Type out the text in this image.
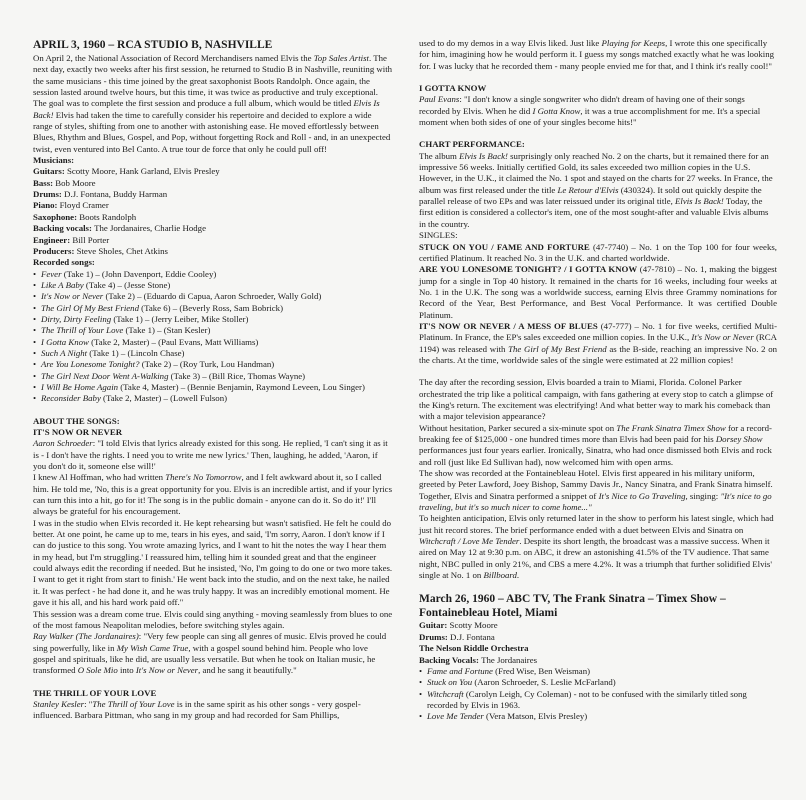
APRIL 3, 1960 – RCA STUDIO B, NASHVILLE

On April 2, the National Association of Record Merchandisers named Elvis the Top Sales Artist. The next day, exactly two weeks after his first session, he returned to Studio B in Nashville, reuniting with the same musicians - this time joined by the great saxophonist Boots Randolph. Once again, the session lasted around twelve hours, but this time, it was twice as productive and truly exceptional.

The goal was to complete the first session and produce a full album, which would be titled Elvis Is Back! Elvis had taken the time to carefully consider his repertoire and decided to explore a wide range of styles, shifting from one to another with astonishing ease. He moved effortlessly between Blues, Rhythm and Blues, Gospel, and Pop, without forgetting Rock and Roll - and, in an unexpected twist, even ventured into Bel Canto. A true tour de force that only he could pull off!

Musicians:

Guitars: Scotty Moore, Hank Garland, Elvis Presley

Bass: Bob Moore

Drums: D.J. Fontana, Buddy Harman

Piano: Floyd Cramer

Saxophone: Boots Randolph

Backing vocals: The Jordanaires, Charlie Hodge

Engineer: Bill Porter

Producers: Steve Sholes, Chet Atkins

Recorded songs:

• Fever (Take 1) – (John Davenport, Eddie Cooley)
• Like A Baby (Take 4) – (Jesse Stone)
• It's Now or Never (Take 2) – (Eduardo di Capua, Aaron Schroeder, Wally Gold)
• The Girl Of My Best Friend (Take 6) – (Beverly Ross, Sam Bobrick)
• Dirty, Dirty Feeling (Take 1) – (Jerry Leiber, Mike Stoller)
• The Thrill of Your Love (Take 1) – (Stan Kesler)
• I Gotta Know (Take 2, Master) – (Paul Evans, Matt Williams)
• Such A Night (Take 1) – (Lincoln Chase)
• Are You Lonesome Tonight? (Take 2) – (Roy Turk, Lou Handman)
• The Girl Next Door Went A-Walking (Take 3) – (Bill Rice, Thomas Wayne)
• I Will Be Home Again (Take 4, Master) – (Bennie Benjamin, Raymond Leveen, Lou Singer)
• Reconsider Baby (Take 2, Master) – (Lowell Fulson)

ABOUT THE SONGS:

IT'S NOW OR NEVER

Aaron Schroeder: "I told Elvis that lyrics already existed for this song. He replied, 'I can't sing it as it is - I don't have the rights. I need you to write me new lyrics.' Then, laughing, he added, 'Aaron, if you don't do it, someone else will!'

I knew Al Hoffman, who had written There's No Tomorrow, and I felt awkward about it, so I called him. He told me, 'No, this is a great opportunity for you. Elvis is an incredible artist, and if your lyrics can turn this into a hit, go for it! The song is in the public domain - anyone can do it. So do it!' I'll always be grateful for his encouragement.

I was in the studio when Elvis recorded it. He kept rehearsing but wasn't satisfied. He felt he could do better. At one point, he came up to me, tears in his eyes, and said, 'I'm sorry, Aaron. I don't know if I can do justice to this song. You wrote amazing lyrics, and I want to hit the notes the way I hear them in my head, but I'm struggling.' I reassured him, telling him it sounded great and that the engineer could always edit the recording if needed. But he insisted, 'No, I'm going to do one or two more takes. I want to get it right from start to finish.' He went back into the studio, and on the next take, he nailed it. It was perfect - he had done it, and he was truly happy. It was an incredibly emotional moment. He gave it his all, and his hard work paid off."

This session was a dream come true. Elvis could sing anything - moving seamlessly from blues to one of the most famous Neapolitan melodies, before switching styles again.

Ray Walker (The Jordanaires): "Very few people can sing all genres of music. Elvis proved he could sing powerfully, like in My Wish Came True, with a gospel sound behind him. People who love gospel and spirituals, like he did, are usually less versatile. But when he took on Italian music, he transformed O Sole Mio into It's Now or Never, and he sang it beautifully."

THE THRILL OF YOUR LOVE

Stanley Kesler: "The Thrill of Your Love is in the same spirit as his other songs - very gospel-influenced. Barbara Pittman, who sang in my group and had recorded for Sam Phillips,

used to do my demos in a way Elvis liked. Just like Playing for Keeps, I wrote this one specifically for him, imagining how he would perform it. I guess my songs matched exactly what he was looking for. I was lucky that he recorded them - many people envied me for that, and I think it's really cool!"

I GOTTA KNOW

Paul Evans: "I don't know a single songwriter who didn't dream of having one of their songs recorded by Elvis. When he did I Gotta Know, it was a true accomplishment for me. It's a special moment when both sides of one of your singles become hits!"

CHART PERFORMANCE:

The album Elvis Is Back! surprisingly only reached No. 2 on the charts, but it remained there for an impressive 56 weeks. Initially certified Gold, its sales exceeded two million copies in the U.S. However, in the U.K., it claimed the No. 1 spot and stayed on the charts for 27 weeks. In France, the album was first released under the title Le Retour d'Elvis (430324). It sold out quickly despite the parallel release of two EPs and was later reissued under its original title, Elvis Is Back! Today, the first edition is considered a collector's item, one of the most sought-after and valuable Elvis albums in the country.

SINGLES:

STUCK ON YOU / FAME AND FORTURE (47-7740) – No. 1 on the Top 100 for four weeks, certified Platinum. It reached No. 3 in the U.K. and charted worldwide.

ARE YOU LONESOME TONIGHT? / I GOTTA KNOW (47-7810) – No. 1, making the biggest jump for a single in Top 40 history. It remained in the charts for 16 weeks, including four weeks at No. 1 in the U.K. The song was a worldwide success, earning Elvis three Grammy nominations for Record of the Year, Best Performance, and Best Vocal Performance. It was certified Double Platinum.

IT'S NOW OR NEVER / A MESS OF BLUES (47-777) – No. 1 for five weeks, certified Multi-Platinum. In France, the EP's sales exceeded one million copies. In the U.K., It's Now or Never (RCA 1194) was released with The Girl of My Best Friend as the B-side, reaching an impressive No. 2 on the charts. At the time, worldwide sales of the single were estimated at 22 million copies!

The day after the recording session, Elvis boarded a train to Miami, Florida. Colonel Parker orchestrated the trip like a political campaign, with fans gathering at every stop to catch a glimpse of the King's return. The excitement was electrifying! And what better way to mark his comeback than with a major television appearance?

Without hesitation, Parker secured a six-minute spot on The Frank Sinatra Timex Show for a record-breaking fee of $125,000 - one hundred times more than Elvis had been paid for his Dorsey Show performances just four years earlier. Ironically, Sinatra, who had once dismissed both Elvis and rock and roll (just like Ed Sullivan had), now welcomed him with open arms.

The show was recorded at the Fontainebleau Hotel. Elvis first appeared in his military uniform, greeted by Peter Lawford, Joey Bishop, Sammy Davis Jr., Nancy Sinatra, and Frank Sinatra himself. Together, Elvis and Sinatra performed a snippet of It's Nice to Go Traveling, singing: "It's nice to go traveling, but it's so much nicer to come home..."

To heighten anticipation, Elvis only returned later in the show to perform his latest single, which had just hit record stores. The brief performance ended with a duet between Elvis and Sinatra on Witchcraft / Love Me Tender. Despite its short length, the broadcast was a massive success. When it aired on May 12 at 9:30 p.m. on ABC, it drew an astonishing 41.5% of the TV audience. That same night, NBC pulled in only 21%, and CBS a mere 4.2%. It was a triumph that further solidified Elvis' single at No. 1 on Billboard.

March 26, 1960 – ABC TV, The Frank Sinatra – Timex Show – Fontainebleau Hotel, Miami

Guitar: Scotty Moore

Drums: D.J. Fontana

The Nelson Riddle Orchestra

Backing Vocals: The Jordanaires

• Fame and Fortune (Fred Wise, Ben Weisman)
• Stuck on You (Aaron Schroeder, S. Leslie McFarland)
• Witchcraft (Carolyn Leigh, Cy Coleman) - not to be confused with the similarly titled song recorded by Elvis in 1963.
• Love Me Tender (Vera Matson, Elvis Presley)
